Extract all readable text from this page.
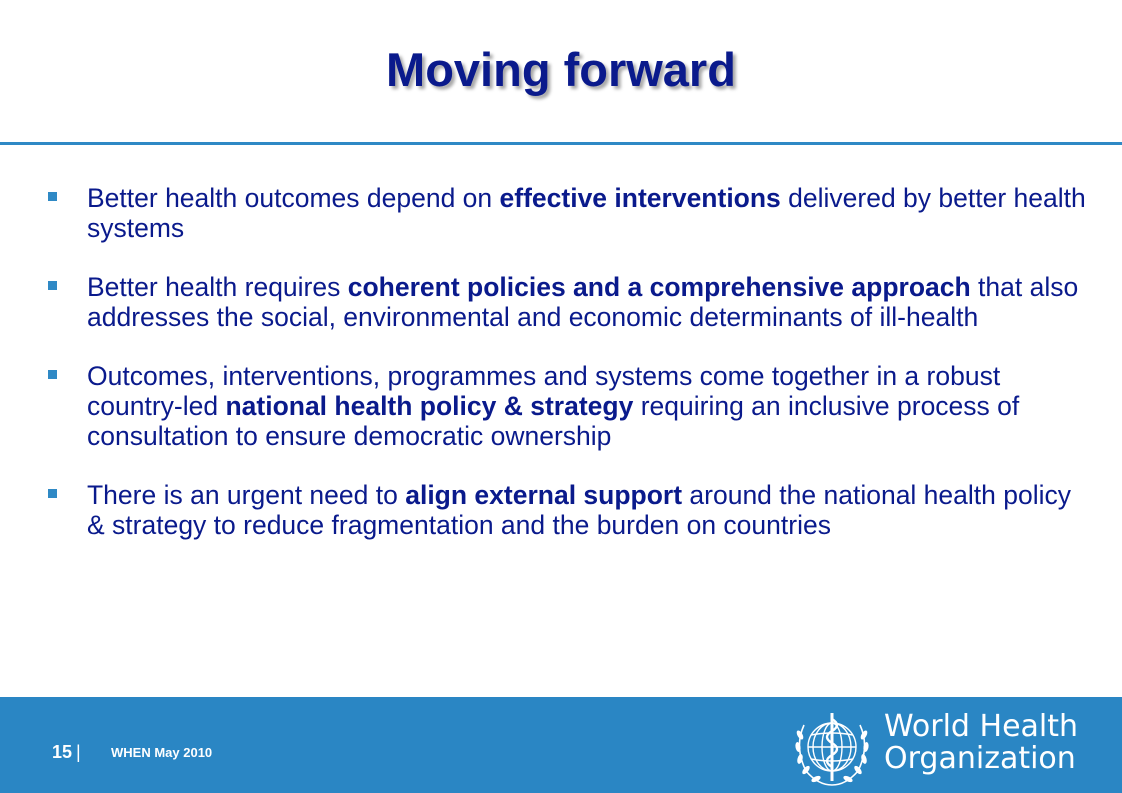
Moving forward
Better health outcomes depend on effective interventions delivered by better health systems
Better health requires coherent policies and a comprehensive approach that also addresses the social, environmental and economic determinants of ill-health
Outcomes, interventions, programmes and systems come together in a robust country-led national health policy & strategy requiring an inclusive process of consultation to ensure democratic ownership
There is an urgent need to align external support around the national health policy & strategy to reduce fragmentation and the burden on countries
15 | WHEN May 2010
World Health
Organization
